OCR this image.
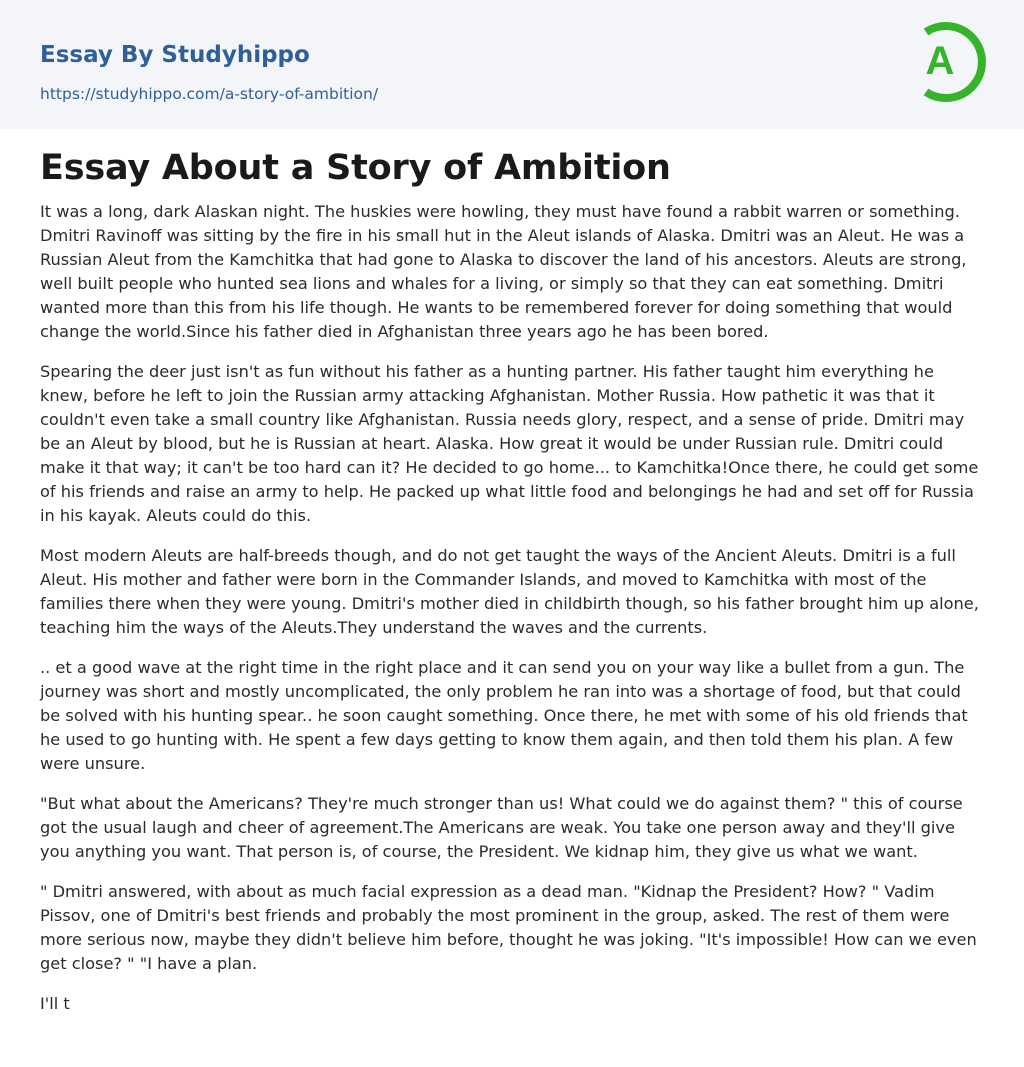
Essay By Studyhippo
https://studyhippo.com/a-story-of-ambition/
A
Essay About a Story of Ambition

It was a long, dark Alaskan night. The huskies were howling, they must have found a rabbit warren or something. Dmitri Ravinoff was sitting by the fire in his small hut in the Aleut islands of Alaska. Dmitri was an Aleut. He was a Russian Aleut from the Kamchitka that had gone to Alaska to discover the land of his ancestors. Aleuts are strong, well built people who hunted sea lions and whales for a living, or simply so that they can eat something. Dmitri wanted more than this from his life though. He wants to be remembered forever for doing something that would change the world.Since his father died in Afghanistan three years ago he has been bored.

Spearing the deer just isn't as fun without his father as a hunting partner. His father taught him everything he knew, before he left to join the Russian army attacking Afghanistan. Mother Russia. How pathetic it was that it couldn't even take a small country like Afghanistan. Russia needs glory, respect, and a sense of pride. Dmitri may be an Aleut by blood, but he is Russian at heart. Alaska. How great it would be under Russian rule. Dmitri could make it that way; it can't be too hard can it? He decided to go home... to Kamchitka!Once there, he could get some of his friends and raise an army to help. He packed up what little food and belongings he had and set off for Russia in his kayak. Aleuts could do this.

Most modern Aleuts are half-breeds though, and do not get taught the ways of the Ancient Aleuts. Dmitri is a full Aleut. His mother and father were born in the Commander Islands, and moved to Kamchitka with most of the families there when they were young. Dmitri's mother died in childbirth though, so his father brought him up alone, teaching him the ways of the Aleuts.They understand the waves and the currents.

.. et a good wave at the right time in the right place and it can send you on your way like a bullet from a gun. The journey was short and mostly uncomplicated, the only problem he ran into was a shortage of food, but that could be solved with his hunting spear.. he soon caught something. Once there, he met with some of his old friends that he used to go hunting with. He spent a few days getting to know them again, and then told them his plan. A few were unsure.

"But what about the Americans? They're much stronger than us! What could we do against them? " this of course got the usual laugh and cheer of agreement.The Americans are weak. You take one person away and they'll give you anything you want. That person is, of course, the President. We kidnap him, they give us what we want.

" Dmitri answered, with about as much facial expression as a dead man. "Kidnap the President? How? " Vadim Pissov, one of Dmitri's best friends and probably the most prominent in the group, asked. The rest of them were more serious now, maybe they didn't believe him before, thought he was joking. "It's impossible! How can we even get close? " "I have a plan.

I'll t
